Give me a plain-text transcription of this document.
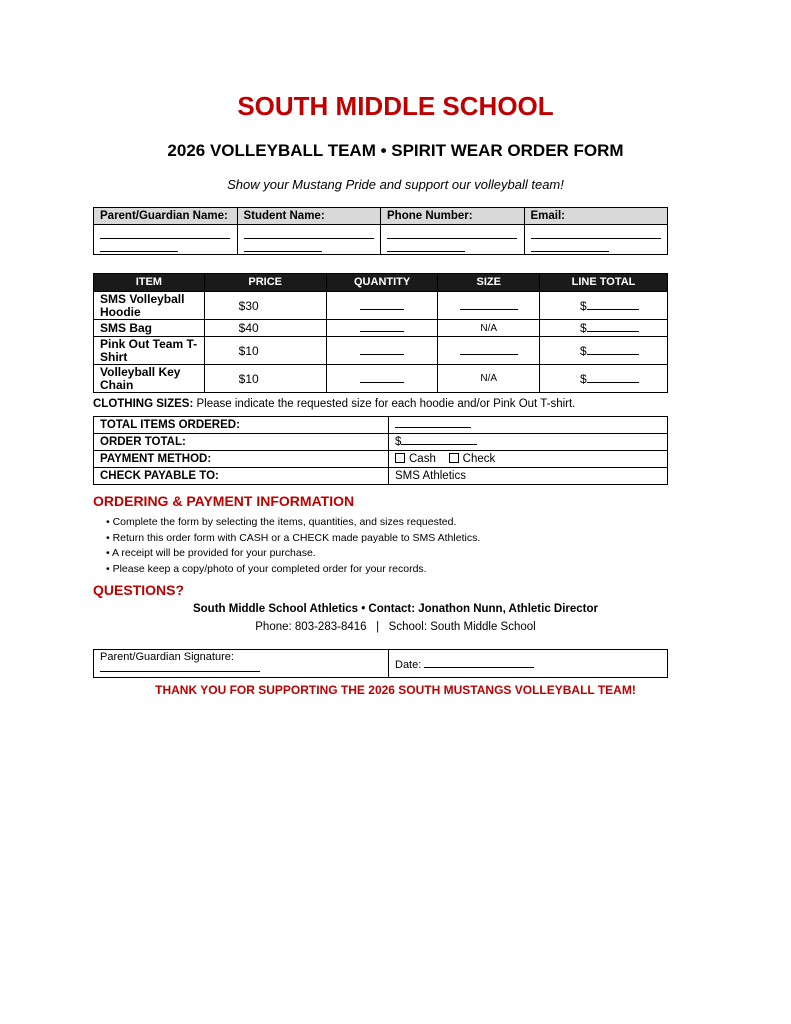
SOUTH MIDDLE SCHOOL
2026 VOLLEYBALL TEAM • SPIRIT WEAR ORDER FORM
Show your Mustang Pride and support our volleyball team!
Parent/Guardian Name:	Student Name:	Phone Number:	Email:

ITEM	PRICE	QUANTITY	SIZE	LINE TOTAL
SMS Volleyball Hoodie	$30			$
SMS Bag	$40		N/A	$
Pink Out Team T-Shirt	$10			$
Volleyball Key Chain	$10		N/A	$
CLOTHING SIZES: Please indicate the requested size for each hoodie and/or Pink Out T-shirt.
TOTAL ITEMS ORDERED:	
ORDER TOTAL:	$
PAYMENT METHOD:	Cash Check
CHECK PAYABLE TO:	SMS Athletics
ORDERING & PAYMENT INFORMATION
• Complete the form by selecting the items, quantities, and sizes requested.
• Return this order form with CASH or a CHECK made payable to SMS Athletics.
• A receipt will be provided for your purchase.
• Please keep a copy/photo of your completed order for your records.
QUESTIONS?
South Middle School Athletics • Contact: Jonathon Nunn, Athletic Director
Phone: 803-283-8416   |   School: South Middle School
Parent/Guardian Signature:
	Date:
THANK YOU FOR SUPPORTING THE 2026 SOUTH MUSTANGS VOLLEYBALL TEAM!
